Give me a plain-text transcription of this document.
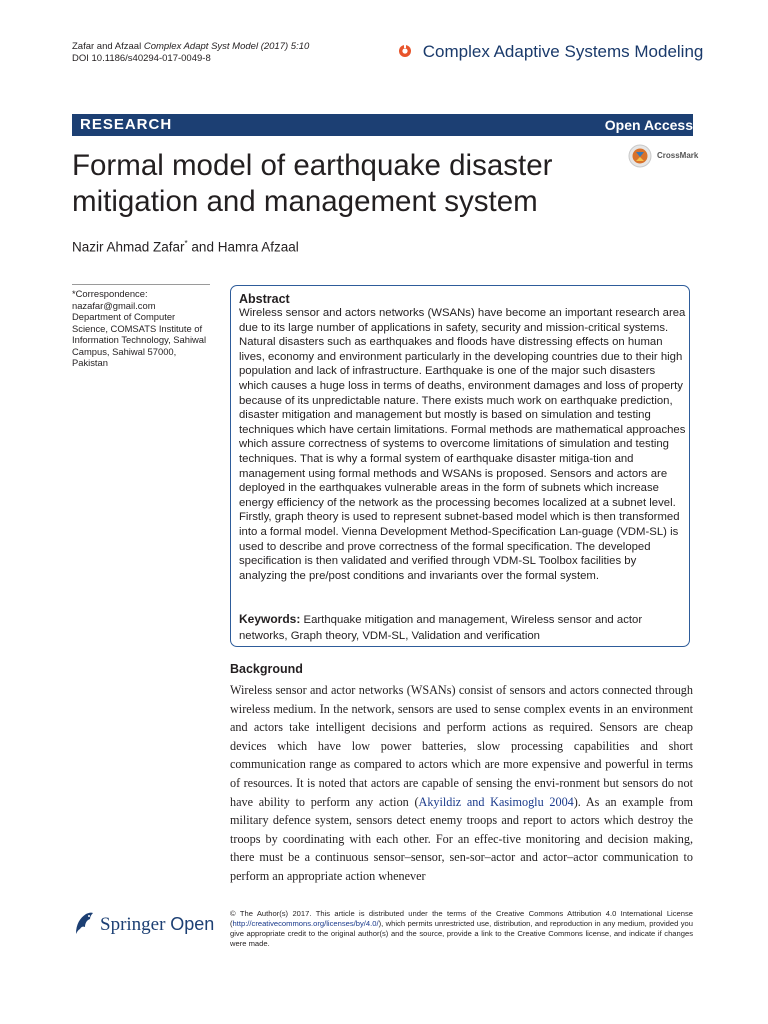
Zafar and Afzaal Complex Adapt Syst Model (2017) 5:10
DOI 10.1186/s40294-017-0049-8	Complex Adaptive Systems Modeling
RESEARCH	Open Access
Formal model of earthquake disaster mitigation and management system
CrossMark
Nazir Ahmad Zafar* and Hamra Afzaal
*Correspondence:
nazafar@gmail.com
Department of Computer Science, COMSATS Institute of Information Technology, Sahiwal Campus, Sahiwal 57000, Pakistan
Abstract
Wireless sensor and actors networks (WSANs) have become an important research area due to its large number of applications in safety, security and mission-critical systems. Natural disasters such as earthquakes and floods have distressing effects on human lives, economy and environment particularly in the developing countries due to their high population and lack of infrastructure. Earthquake is one of the major such disasters which causes a huge loss in terms of deaths, environment damages and loss of property because of its unpredictable nature. There exists much work on earthquake prediction, disaster mitigation and management but mostly is based on simulation and testing techniques which have certain limitations. Formal methods are mathematical approaches which assure correctness of systems to overcome limitations of simulation and testing techniques. That is why a formal system of earthquake disaster mitiga-tion and management using formal methods and WSANs is proposed. Sensors and actors are deployed in the earthquakes vulnerable areas in the form of subnets which increase energy efficiency of the network as the processing becomes localized at a subnet level. Firstly, graph theory is used to represent subnet-based model which is then transformed into a formal model. Vienna Development Method-Specification Lan-guage (VDM-SL) is used to describe and prove correctness of the formal specification. The developed specification is then validated and verified through VDM-SL Toolbox facilities by analyzing the pre/post conditions and invariants over the formal system.
Keywords: Earthquake mitigation and management, Wireless sensor and actor networks, Graph theory, VDM-SL, Validation and verification
Background
Wireless sensor and actor networks (WSANs) consist of sensors and actors connected through wireless medium. In the network, sensors are used to sense complex events in an environment and actors take intelligent decisions and perform actions as required. Sensors are cheap devices which have low power batteries, slow processing capabilities and short communication range as compared to actors which are more expensive and powerful in terms of resources. It is noted that actors are capable of sensing the envi-ronment but sensors do not have ability to perform any action (Akyildiz and Kasimoglu 2004). As an example from military defence system, sensors detect enemy troops and report to actors which destroy the troops by coordinating with each other. For an effec-tive monitoring and decision making, there must be a continuous sensor–sensor, sen-sor–actor and actor–actor communication to perform an appropriate action whenever
Springer Open
© The Author(s) 2017. This article is distributed under the terms of the Creative Commons Attribution 4.0 International License (http://creativecommons.org/licenses/by/4.0/), which permits unrestricted use, distribution, and reproduction in any medium, provided you give appropriate credit to the original author(s) and the source, provide a link to the Creative Commons license, and indicate if changes were made.
